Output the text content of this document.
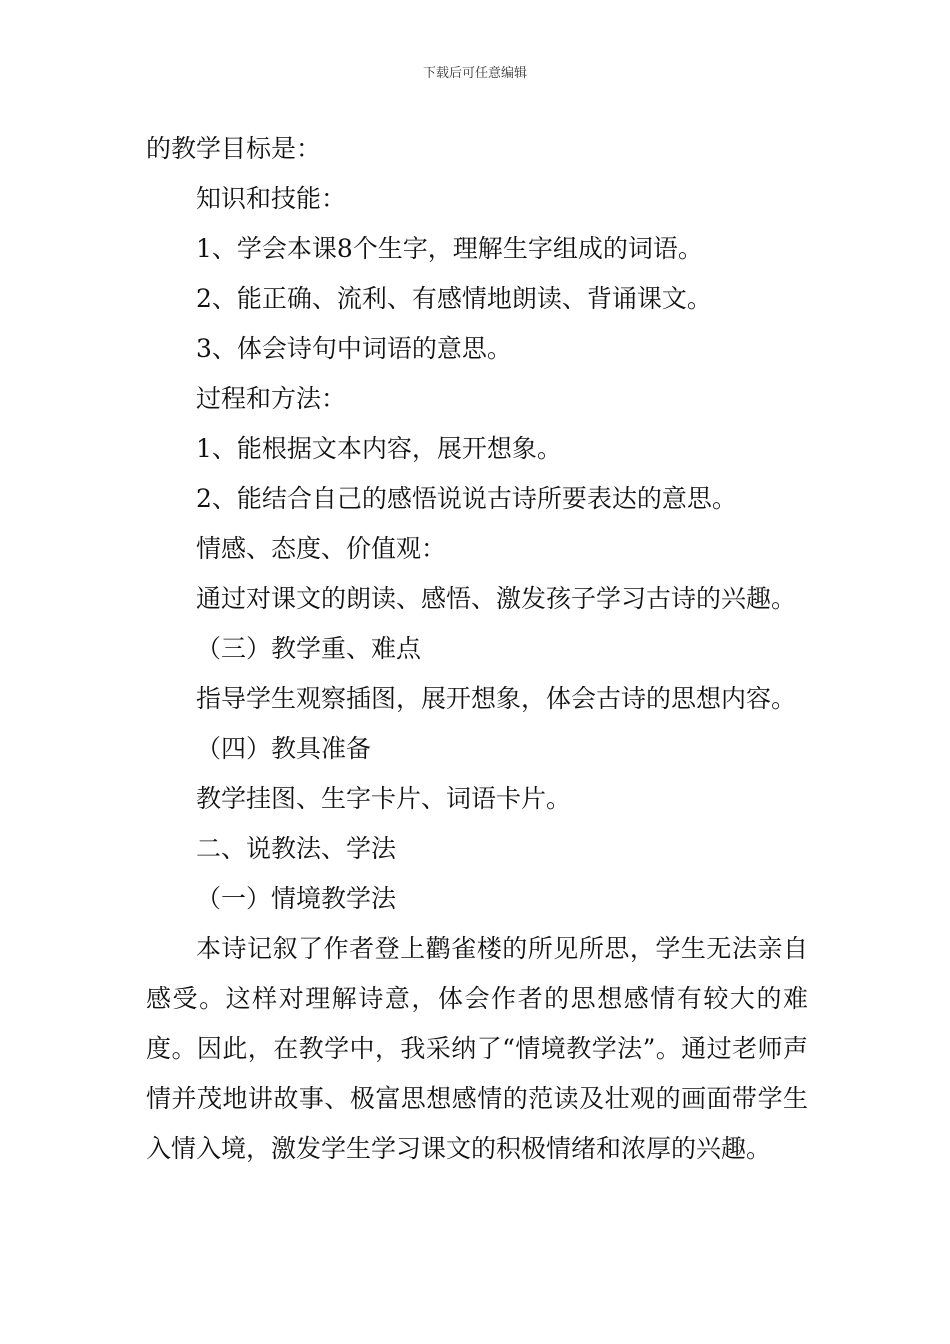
下载后可任意编辑
的教学目标是：
知识和技能：
1、学会本课8个生字，理解生字组成的词语。
2、能正确、流利、有感情地朗读、背诵课文。
3、体会诗句中词语的意思。
过程和方法：
1、能根据文本内容，展开想象。
2、能结合自己的感悟说说古诗所要表达的意思。
情感、态度、价值观：
通过对课文的朗读、感悟、激发孩子学习古诗的兴趣。
（三）教学重、难点
指导学生观察插图，展开想象，体会古诗的思想内容。
（四）教具准备
教学挂图、生字卡片、词语卡片。
二、说教法、学法
（一）情境教学法

本诗记叙了作者登上鹳雀楼的所见所思，学生无法亲自感受。这样对理解诗意，体会作者的思想感情有较大的难度。因此，在教学中，我采纳了“情境教学法”。通过老师声情并茂地讲故事、极富思想感情的范读及壮观的画面带学生入情入境，激发学生学习课文的积极情绪和浓厚的兴趣。
